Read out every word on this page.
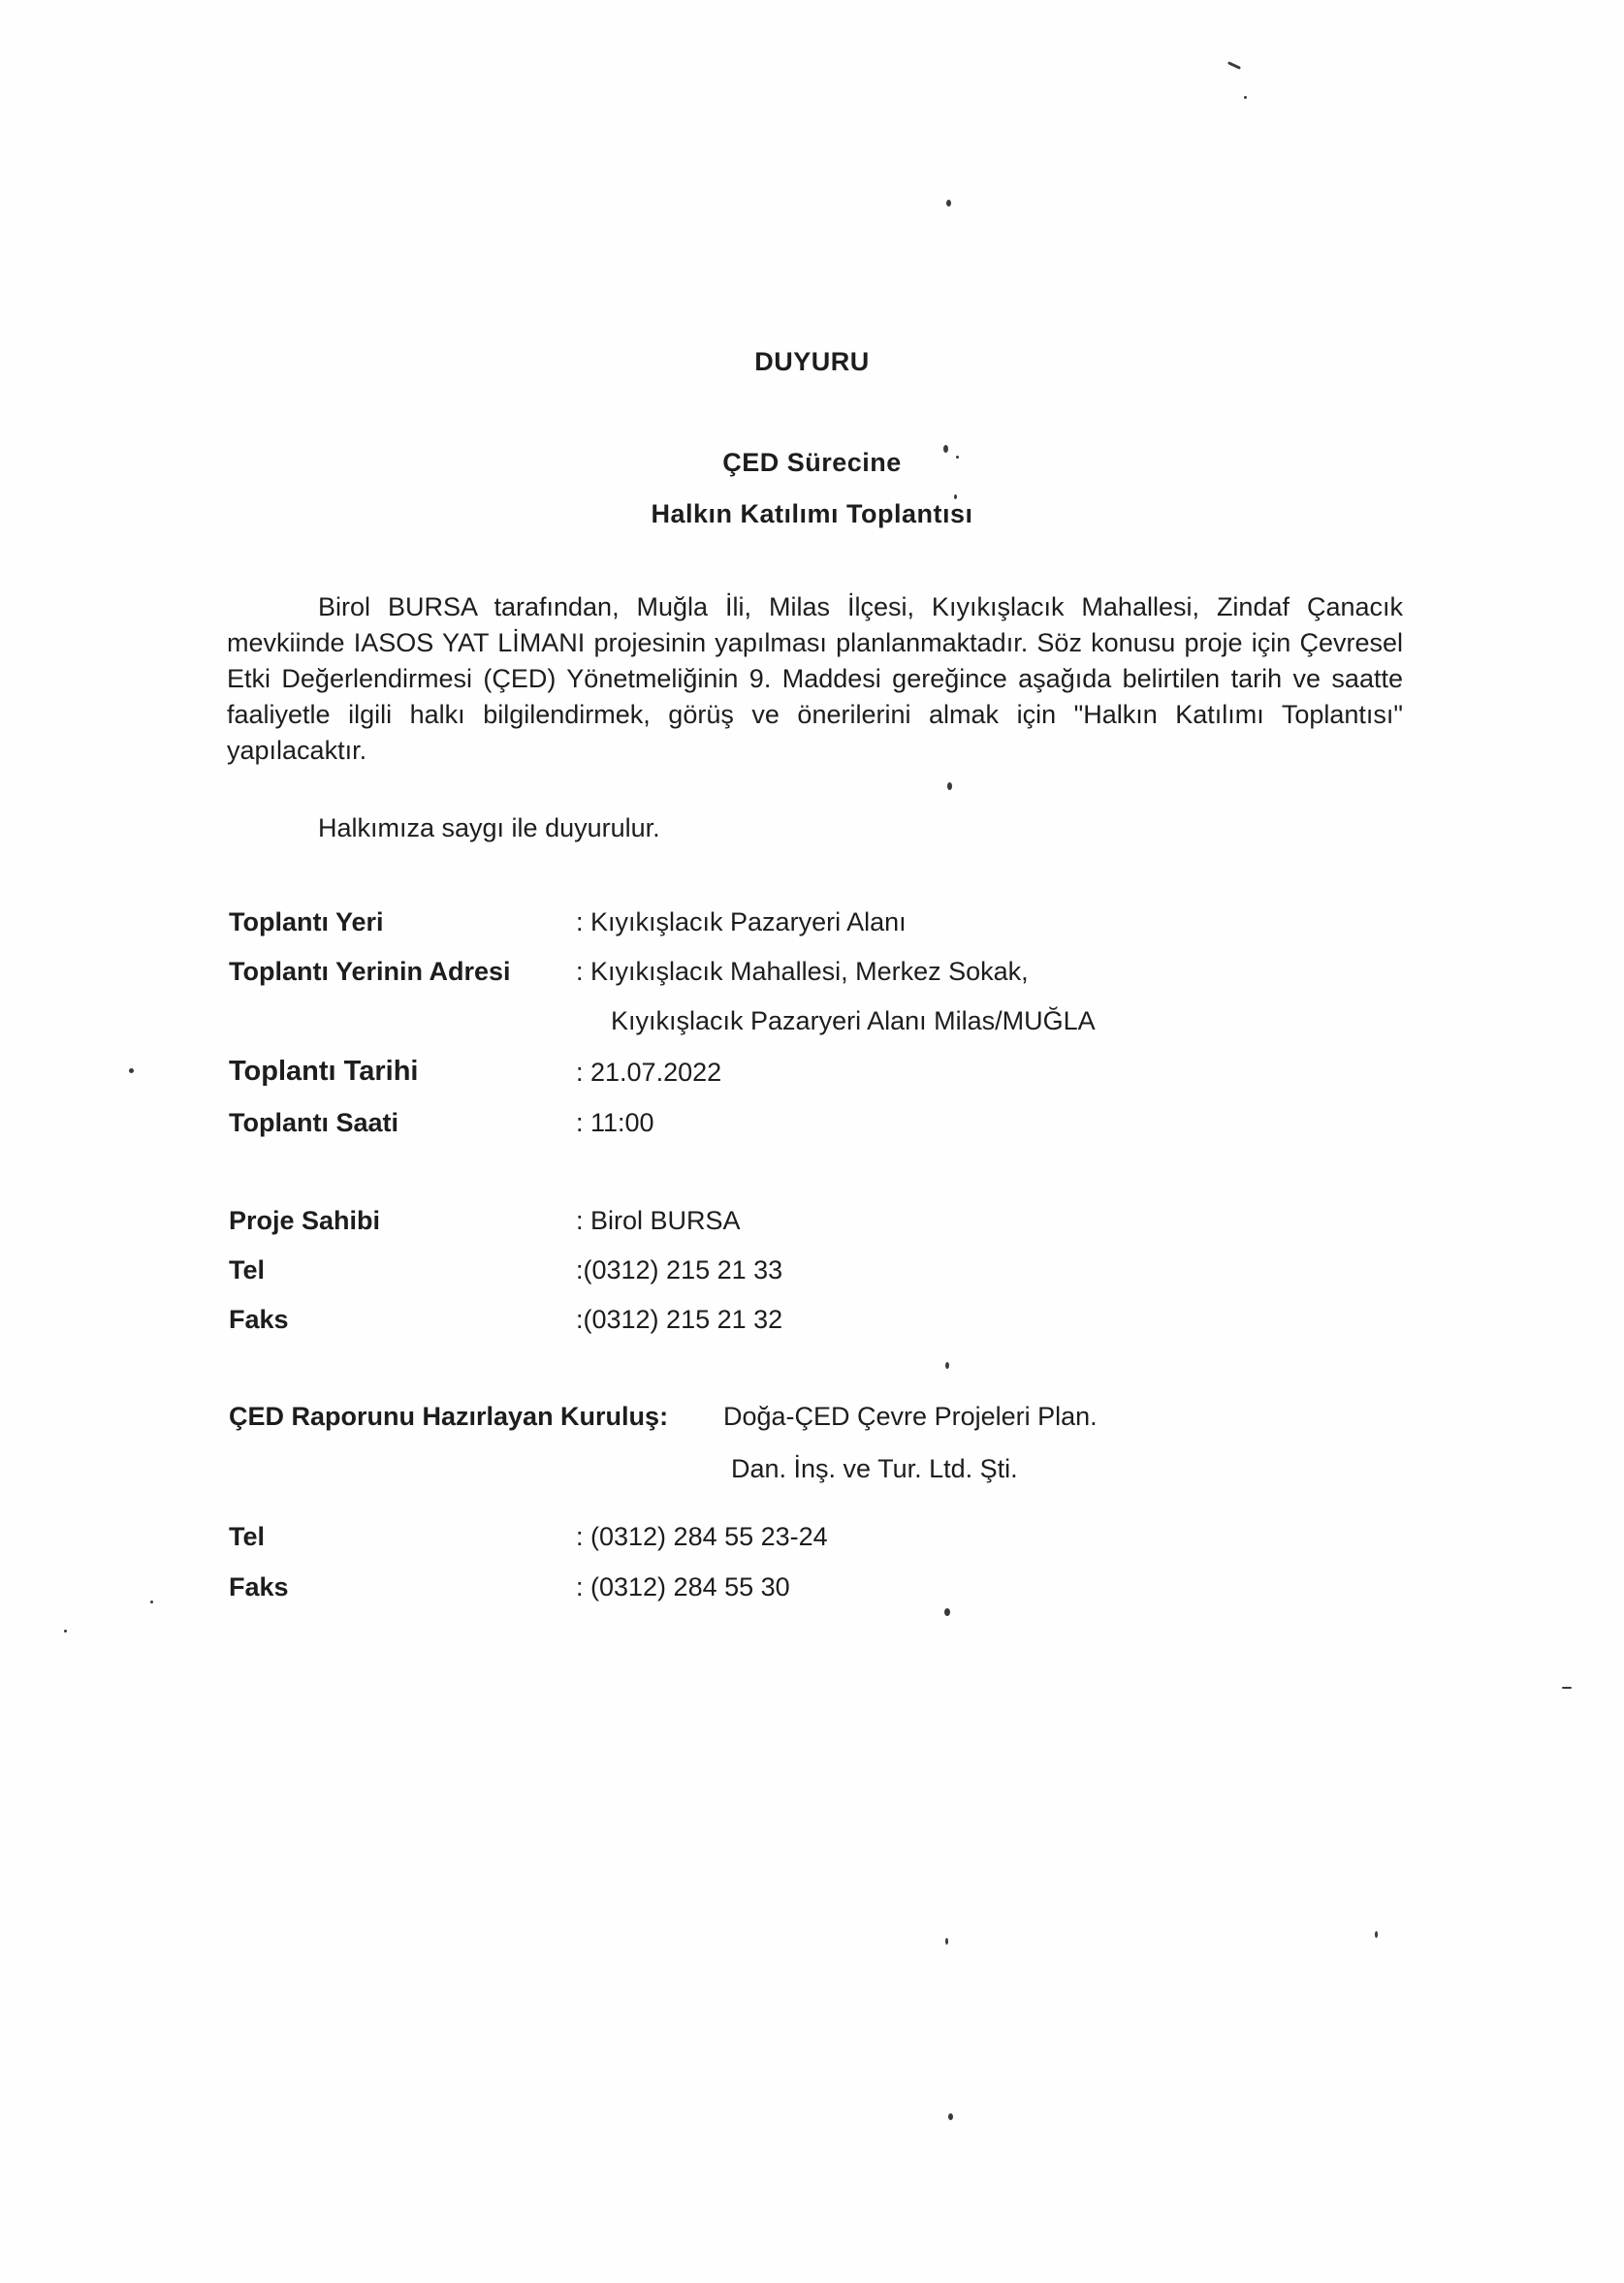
DUYURU
ÇED Sürecine
Halkın Katılımı Toplantısı

Birol BURSA tarafından, Muğla İli, Milas İlçesi, Kıyıkışlacık Mahallesi, Zindaf Çanacık mevkiinde IASOS YAT LİMANI projesinin yapılması planlanmaktadır. Söz konusu proje için Çevresel Etki Değerlendirmesi (ÇED) Yönetmeliğinin 9. Maddesi gereğince aşağıda belirtilen tarih ve saatte faaliyetle ilgili halkı bilgilendirmek, görüş ve önerilerini almak için "Halkın Katılımı Toplantısı" yapılacaktır.

Halkımıza saygı ile duyurulur.
Toplantı Yeri	: Kıyıkışlacık Pazaryeri Alanı
Toplantı Yerinin Adresi : Kıyıkışlacık Mahallesi, Merkez Sokak,
Kıyıkışlacık Pazaryeri Alanı Milas/MUĞLA
Toplantı Tarihi	: 21.07.2022
Toplantı Saati	: 11:00
Proje Sahibi	: Birol BURSA
Tel	:(0312) 215 21 33
Faks	:(0312) 215 21 32
ÇED Raporunu Hazırlayan Kuruluş: Doğa-ÇED Çevre Projeleri Plan.
Dan. İnş. ve Tur. Ltd. Şti.
Tel	: (0312) 284 55 23-24
Faks	: (0312) 284 55 30
